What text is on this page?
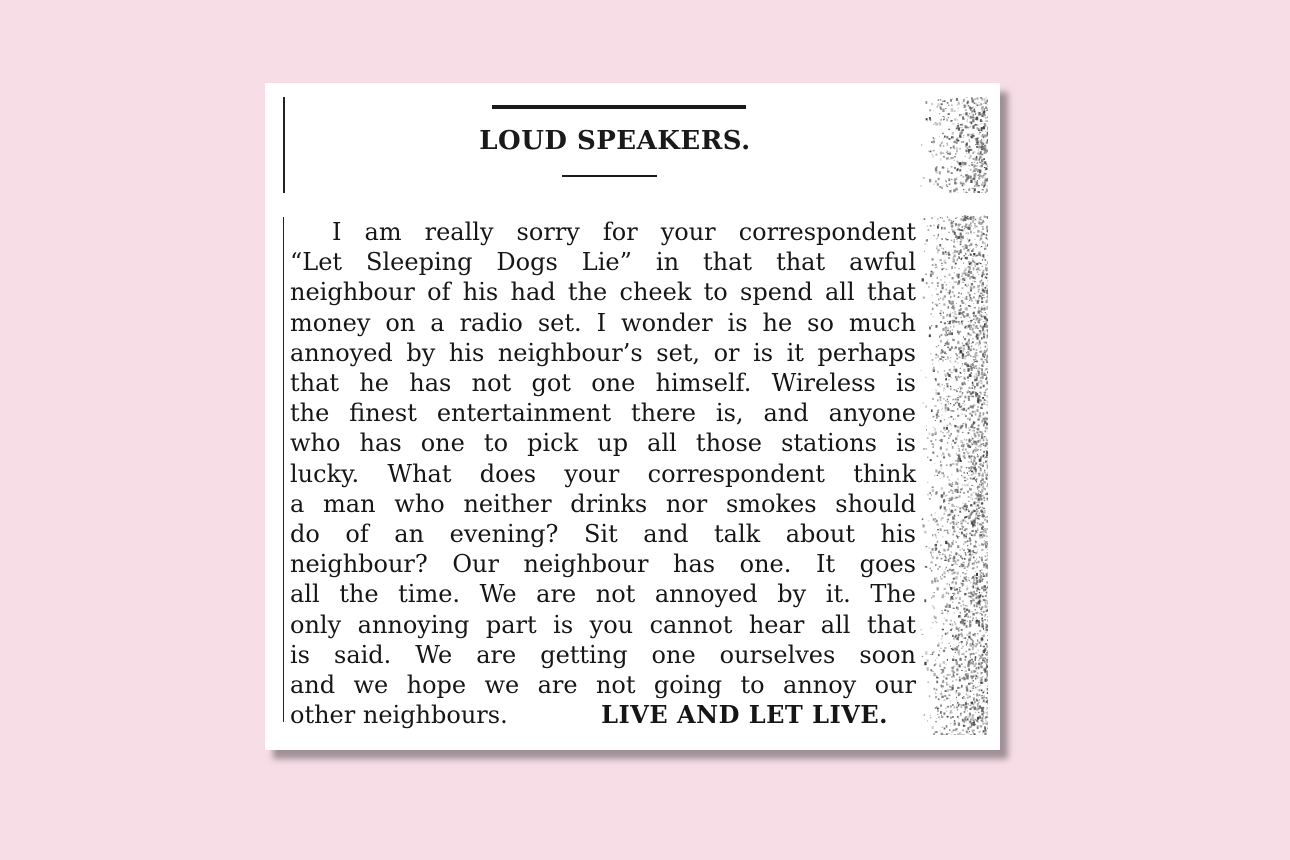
LOUD SPEAKERS.
I am really sorry for your correspondent
“Let Sleeping Dogs Lie” in that that awful
neighbour of his had the cheek to spend all that
money on a radio set. I wonder is he so much
annoyed by his neighbour’s set, or is it perhaps
that he has not got one himself. Wireless is
the finest entertainment there is, and anyone
who has one to pick up all those stations is
lucky. What does your correspondent think
a man who neither drinks nor smokes should
do of an evening? Sit and talk about his
neighbour? Our neighbour has one. It goes
all the time. We are not annoyed by it. The
only annoying part is you cannot hear all that
is said. We are getting one ourselves soon
and we hope we are not going to annoy our
other neighbours.	LIVE AND LET LIVE.
